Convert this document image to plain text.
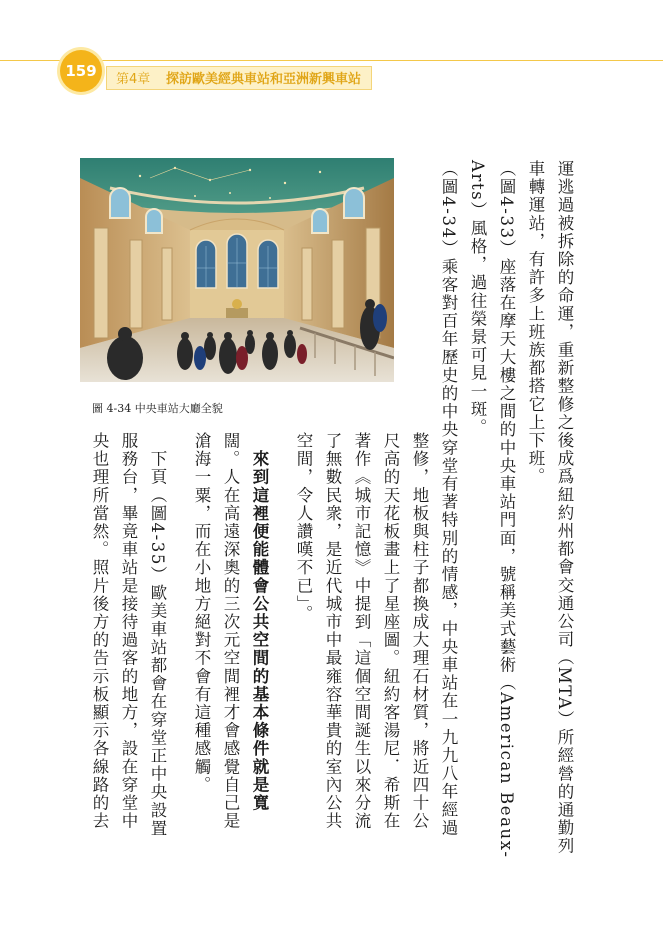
159	第4章 探訪歐美經典車站和亞洲新興車站
圖 4-34 中央車站大廳全貌	運逃過被拆除的命運，重新整修之後成爲紐約州都會交通公司（MTA）所經營的通勤列
車轉運站，有許多上班族都搭它上下班。
（圖4-33）座落在摩天大樓之間的中央車站門面，號稱美式藝術（American Beaux-
Arts）風格，過往榮景可見一斑。
（圖4-34）乘客對百年歷史的中央穿堂有著特別的情感，中央車站在一九九八年經過
整修，地板與柱子都換成大理石材質，將近四十公
尺高的天花板畫上了星座圖。紐約客湯尼．希斯在
著作《城市記憶》中提到「這個空間誕生以來分流
了無數民衆，是近代城市中最雍容華貴的室內公共
空間，令人讚嘆不已」。
　來到這裡便能體會公共空間的基本條件就是寬
闊。人在高遠深奧的三次元空間裡才會感覺自己是
滄海一粟，而在小地方絕對不會有這種感觸。
　下頁（圖4-35）歐美車站都會在穿堂正中央設置
服務台，畢竟車站是接待過客的地方，設在穿堂中
央也理所當然。照片後方的告示板顯示各線路的去
